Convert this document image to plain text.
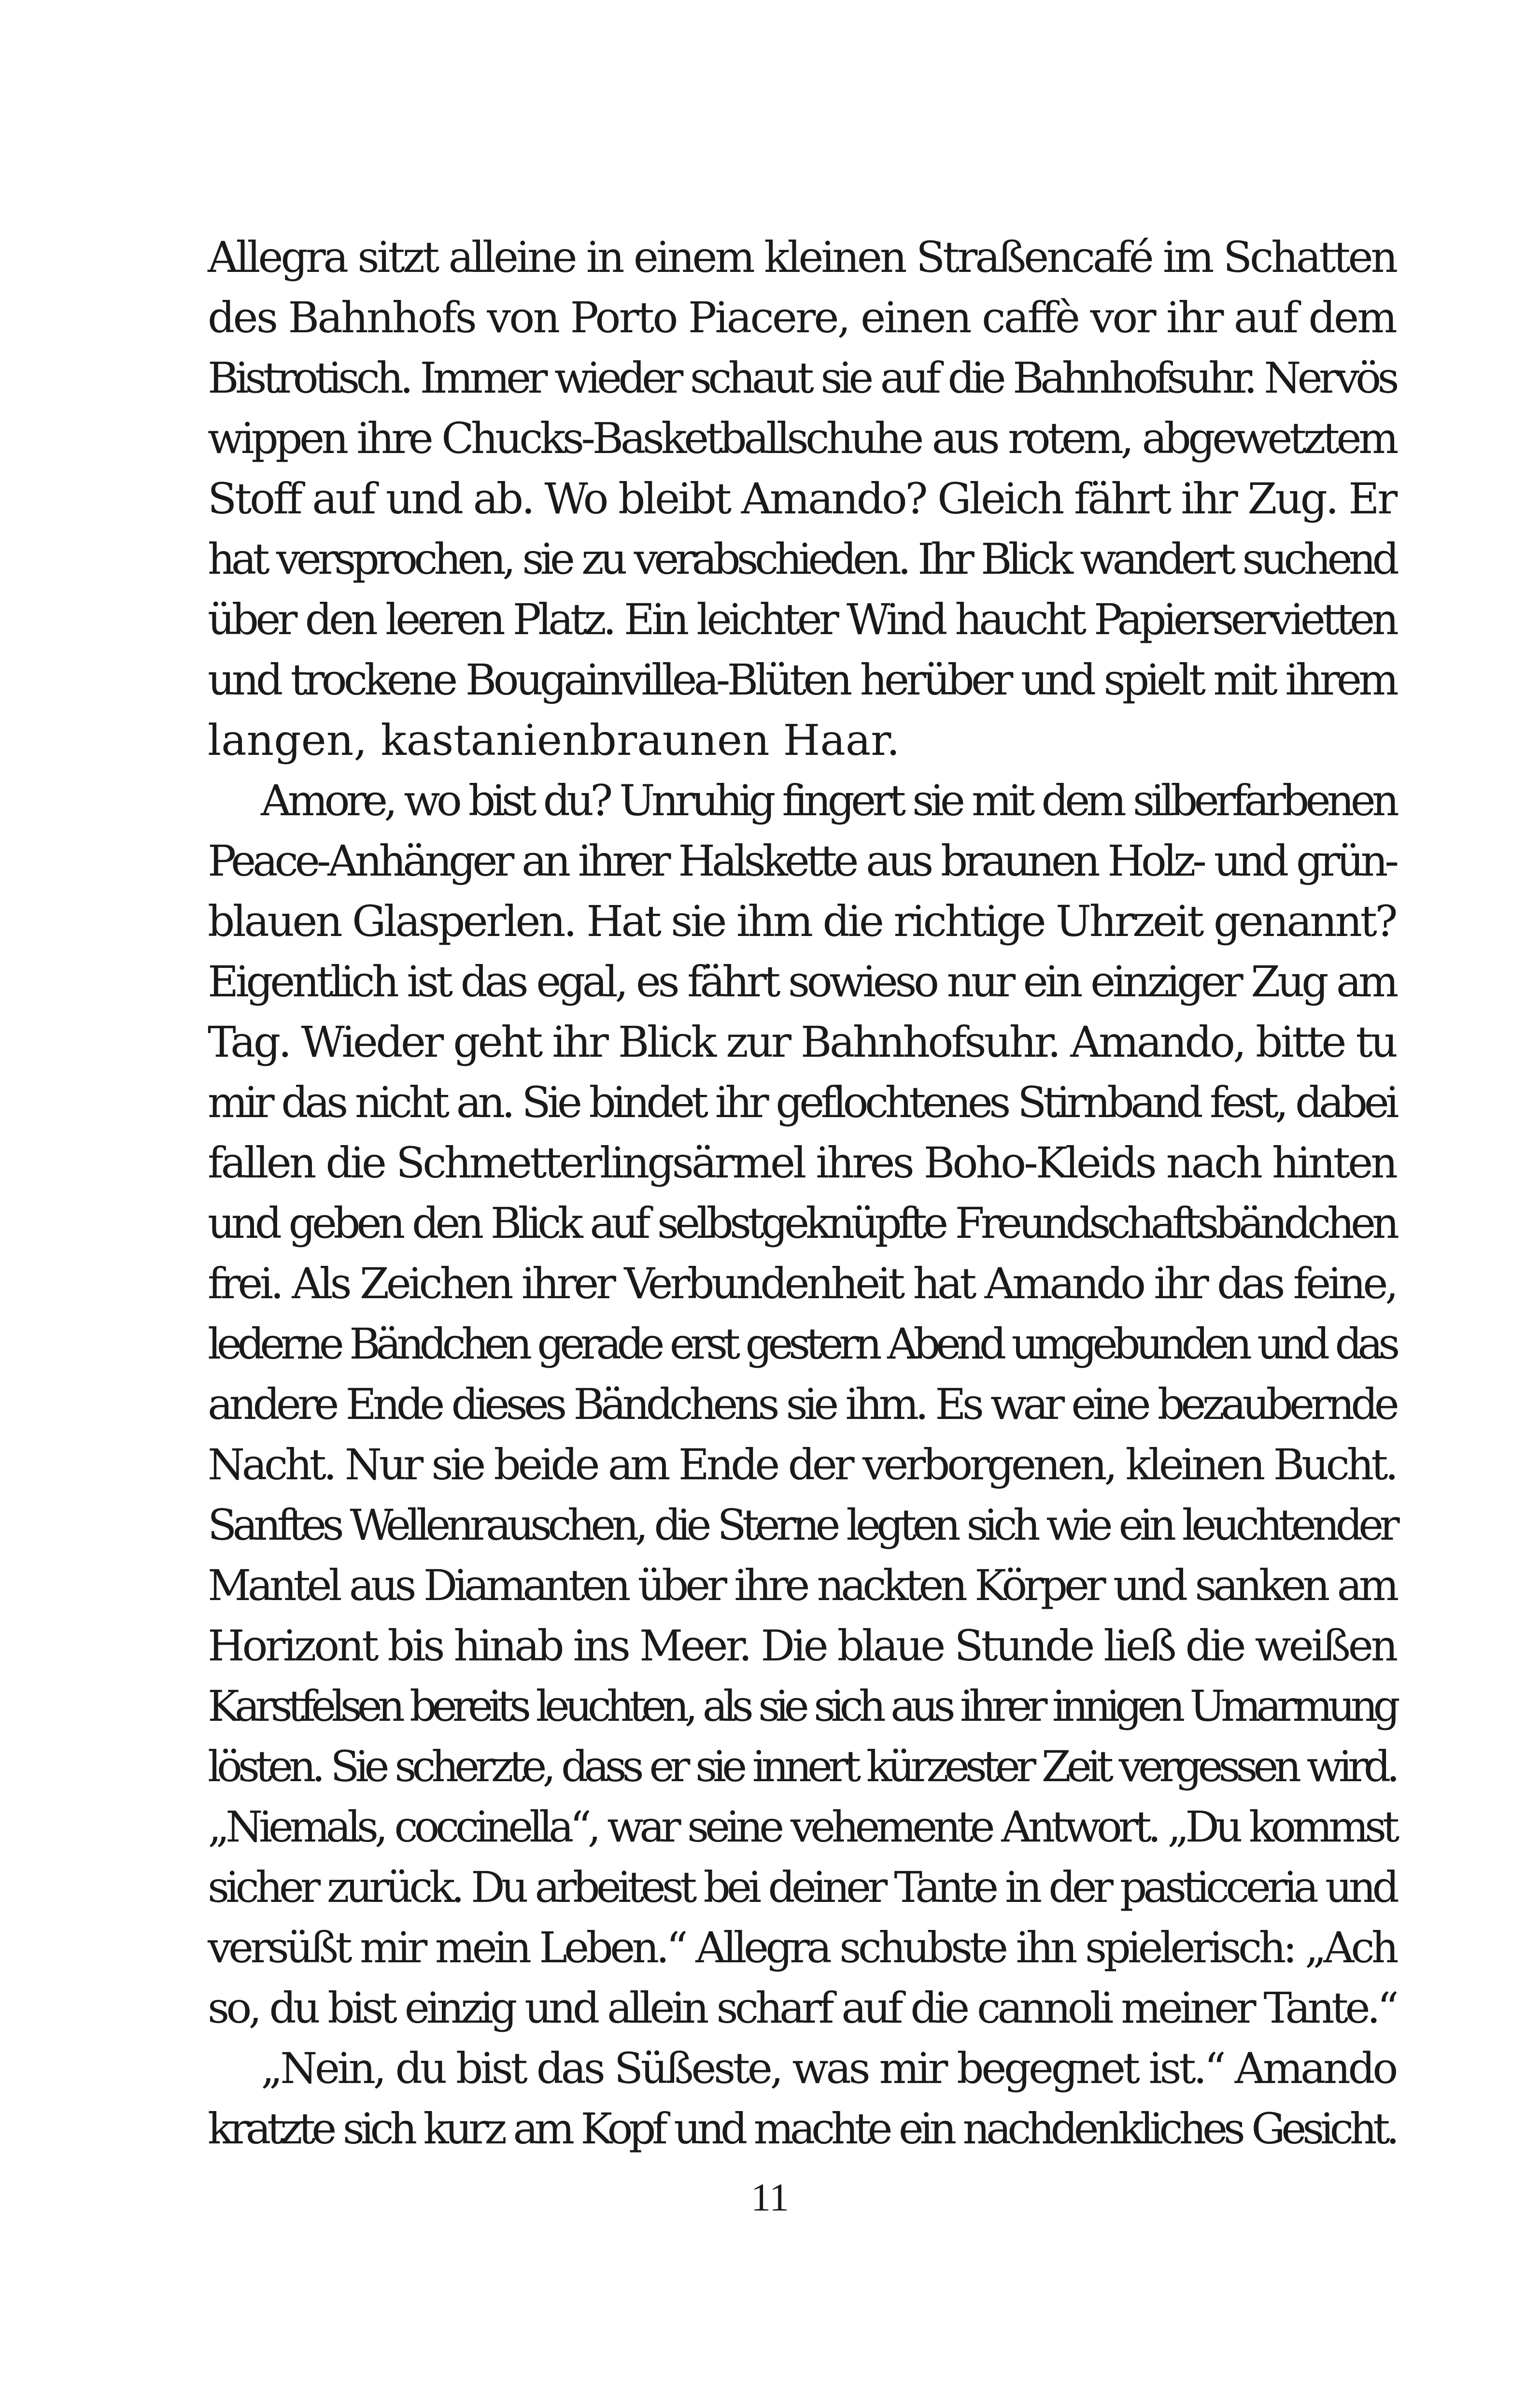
Allegra sitzt alleine in einem kleinen Straßencafé im Schatten
des Bahnhofs von Porto Piacere, einen caffè vor ihr auf dem
Bistrotisch. Immer wieder schaut sie auf die Bahnhofsuhr. Nervös
wippen ihre Chucks-Basketballschuhe aus rotem, abgewetztem
Stoff auf und ab. Wo bleibt Amando? Gleich fährt ihr Zug. Er
hat versprochen, sie zu verabschieden. Ihr Blick wandert suchend
über den leeren Platz. Ein leichter Wind haucht Papierservietten
und trockene Bougainvillea-Blüten herüber und spielt mit ihrem
langen, kastanienbraunen Haar.
Amore, wo bist du? Unruhig fingert sie mit dem silberfarbenen
Peace-Anhänger an ihrer Halskette aus braunen Holz- und grün-
blauen Glasperlen. Hat sie ihm die richtige Uhrzeit genannt?
Eigentlich ist das egal, es fährt sowieso nur ein einziger Zug am
Tag. Wieder geht ihr Blick zur Bahnhofsuhr. Amando, bitte tu
mir das nicht an. Sie bindet ihr geflochtenes Stirnband fest, dabei
fallen die Schmetterlingsärmel ihres Boho-Kleids nach hinten
und geben den Blick auf selbstgeknüpfte Freundschaftsbändchen
frei. Als Zeichen ihrer Verbundenheit hat Amando ihr das feine,
lederne Bändchen gerade erst gestern Abend umgebunden und das
andere Ende dieses Bändchens sie ihm. Es war eine bezaubernde
Nacht. Nur sie beide am Ende der verborgenen, kleinen Bucht.
Sanftes Wellenrauschen, die Sterne legten sich wie ein leuchtender
Mantel aus Diamanten über ihre nackten Körper und sanken am
Horizont bis hinab ins Meer. Die blaue Stunde ließ die weißen
Karstfelsen bereits leuchten, als sie sich aus ihrer innigen Umarmung
lösten. Sie scherzte, dass er sie innert kürzester Zeit vergessen wird.
„Niemals, coccinella“, war seine vehemente Antwort. „Du kommst
sicher zurück. Du arbeitest bei deiner Tante in der pasticceria und
versüßt mir mein Leben.“ Allegra schubste ihn spielerisch: „Ach
so, du bist einzig und allein scharf auf die cannoli meiner Tante.“
„Nein, du bist das Süßeste, was mir begegnet ist.“ Amando
kratzte sich kurz am Kopf und machte ein nachdenkliches Gesicht.
11
